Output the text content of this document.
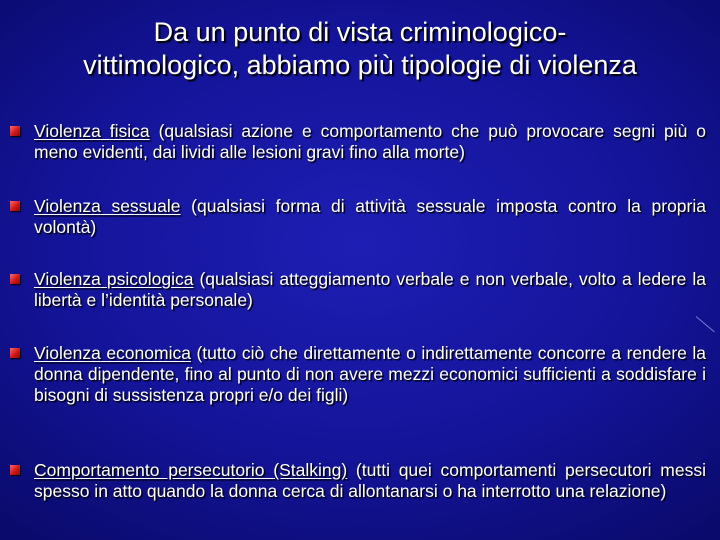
Da un punto di vista criminologico-
vittimologico, abbiamo più tipologie di violenza
Violenza fisica (qualsiasi azione e comportamento che può provocare segni più o meno evidenti, dai lividi alle lesioni gravi fino alla morte)
Violenza sessuale (qualsiasi forma di attività sessuale imposta contro la propria volontà)
Violenza psicologica (qualsiasi atteggiamento verbale e non verbale, volto a ledere la libertà e l’identità personale)
Violenza economica (tutto ciò che direttamente o indirettamente concorre a rendere la donna dipendente, fino al punto di non avere mezzi economici sufficienti a soddisfare i bisogni di sussistenza propri e/o dei figli)
Comportamento persecutorio (Stalking) (tutti quei comportamenti persecutori messi spesso in atto quando la donna cerca di allontanarsi o ha interrotto una relazione)
